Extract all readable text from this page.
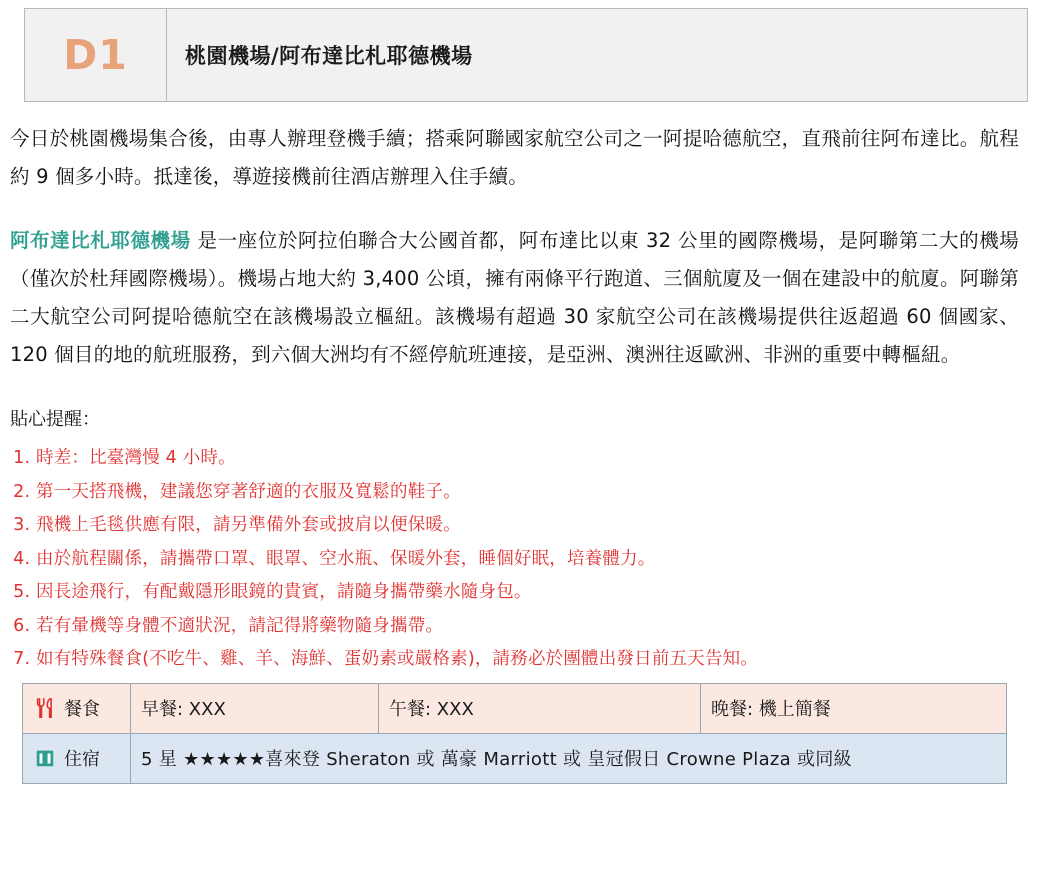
D1	桃園機場/阿布達比札耶德機場

今日於桃園機場集合後，由專人辦理登機手續；搭乘阿聯國家航空公司之一阿提哈德航空，直飛前往阿布達比。航程約 9 個多小時。抵達後，導遊接機前往酒店辦理入住手續。

阿布達比札耶德機場 是一座位於阿拉伯聯合大公國首都，阿布達比以東 32 公里的國際機場，是阿聯第二大的機場（僅次於杜拜國際機場）。機場占地大約 3,400 公頃，擁有兩條平行跑道、三個航廈及一個在建設中的航廈。阿聯第二大航空公司阿提哈德航空在該機場設立樞紐。該機場有超過 30 家航空公司在該機場提供往返超過 60 個國家、120 個目的地的航班服務，到六個大洲均有不經停航班連接，是亞洲、澳洲往返歐洲、非洲的重要中轉樞紐。

貼心提醒：

1. 時差：比臺灣慢 4 小時。
2. 第一天搭飛機，建議您穿著舒適的衣服及寬鬆的鞋子。
3. 飛機上毛毯供應有限，請另準備外套或披肩以便保暖。
4. 由於航程關係，請攜帶口罩、眼罩、空水瓶、保暖外套，睡個好眠，培養體力。
5. 因長途飛行，有配戴隱形眼鏡的貴賓，請隨身攜帶藥水隨身包。
6. 若有暈機等身體不適狀況，請記得將藥物隨身攜帶。
7. 如有特殊餐食(不吃牛、雞、羊、海鮮、蛋奶素或嚴格素)，請務必於團體出發日前五天告知。
餐食	早餐: XXX	午餐: XXX	晚餐: 機上簡餐

住宿	5 星 ★★★★★喜來登 Sheraton 或 萬豪 Marriott 或 皇冠假日 Crowne Plaza 或同級		
